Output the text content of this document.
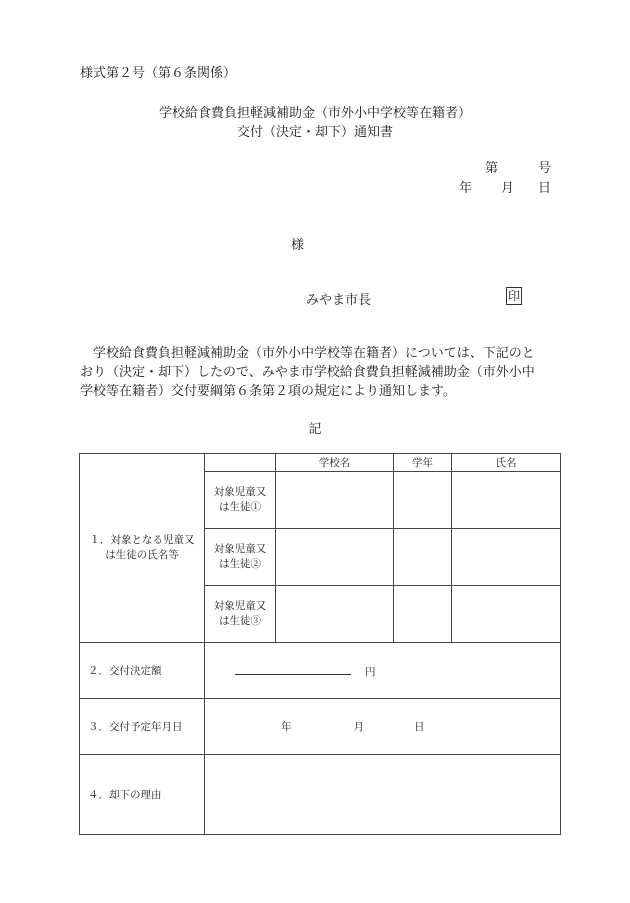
様式第２号（第６条関係）
学校給食費負担軽減補助金（市外小中学校等在籍者）
交付（決定・却下）通知書
第	号
年 月 日
様
みやま市長	印

学校給食費負担軽減補助金（市外小中学校等在籍者）については、下記のと

おり（決定・却下）したので、みやま市学校給食費負担軽減補助金（市外小中

学校等在籍者）交付要綱第６条第２項の規定により通知します。

記
１．対象となる児童又
は生徒の氏名等		学校名	学年	氏名

	対象児童又
は生徒①			

	対象児童又
は生徒②			

	対象児童又
は生徒③			

２．交付決定額	円			
３．交付予定年月日	年 月 日			
４．却下の理由				
